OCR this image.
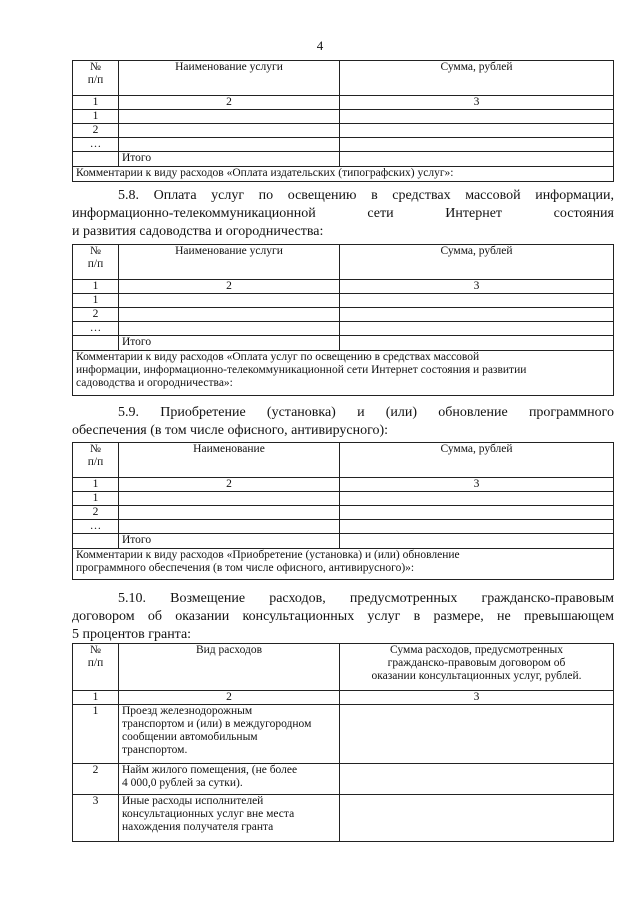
4
№
п/п	Наименование услуги	Сумма, рублей
1	2	3
1		
2		
…		
	Итого	
Комментарии к виду расходов «Оплата издательских (типографских) услуг»:		

5.8. Оплата услуг по освещению в средствах массовой информации,
информационно-телекоммуникационной сети Интернет состояния
и развития садоводства и огородничества:

№
п/п	Наименование услуги	Сумма, рублей
1	2	3
1		
2		
…		
	Итого	
Комментарии к виду расходов «Оплата услуг по освещению в средствах массовой
информации, информационно-телекоммуникационной сети Интернет состояния и развитии
садоводства и огородничества»:		

5.9. Приобретение (установка) и (или) обновление программного
обеспечения (в том числе офисного, антивирусного):

№
п/п	Наименование	Сумма, рублей
1	2	3
1		
2		
…		
	Итого	
Комментарии к виду расходов «Приобретение (установка) и (или) обновление
программного обеспечения (в том числе офисного, антивирусного)»:		

5.10. Возмещение расходов, предусмотренных гражданско-правовым
договором об оказании консультационных услуг в размере, не превышающем
5 процентов гранта:

№
п/п	Вид расходов	Сумма расходов, предусмотренных
гражданско-правовым договором об
оказании консультационных услуг, рублей.
1	2	3
1	Проезд железнодорожным
транспортом и (или) в междугородном
сообщении автомобильным
транспортом.	
2	Найм жилого помещения, (не более
4 000,0 рублей за сутки).	
3	Иные расходы исполнителей
консультационных услуг вне места
нахождения получателя гранта	
